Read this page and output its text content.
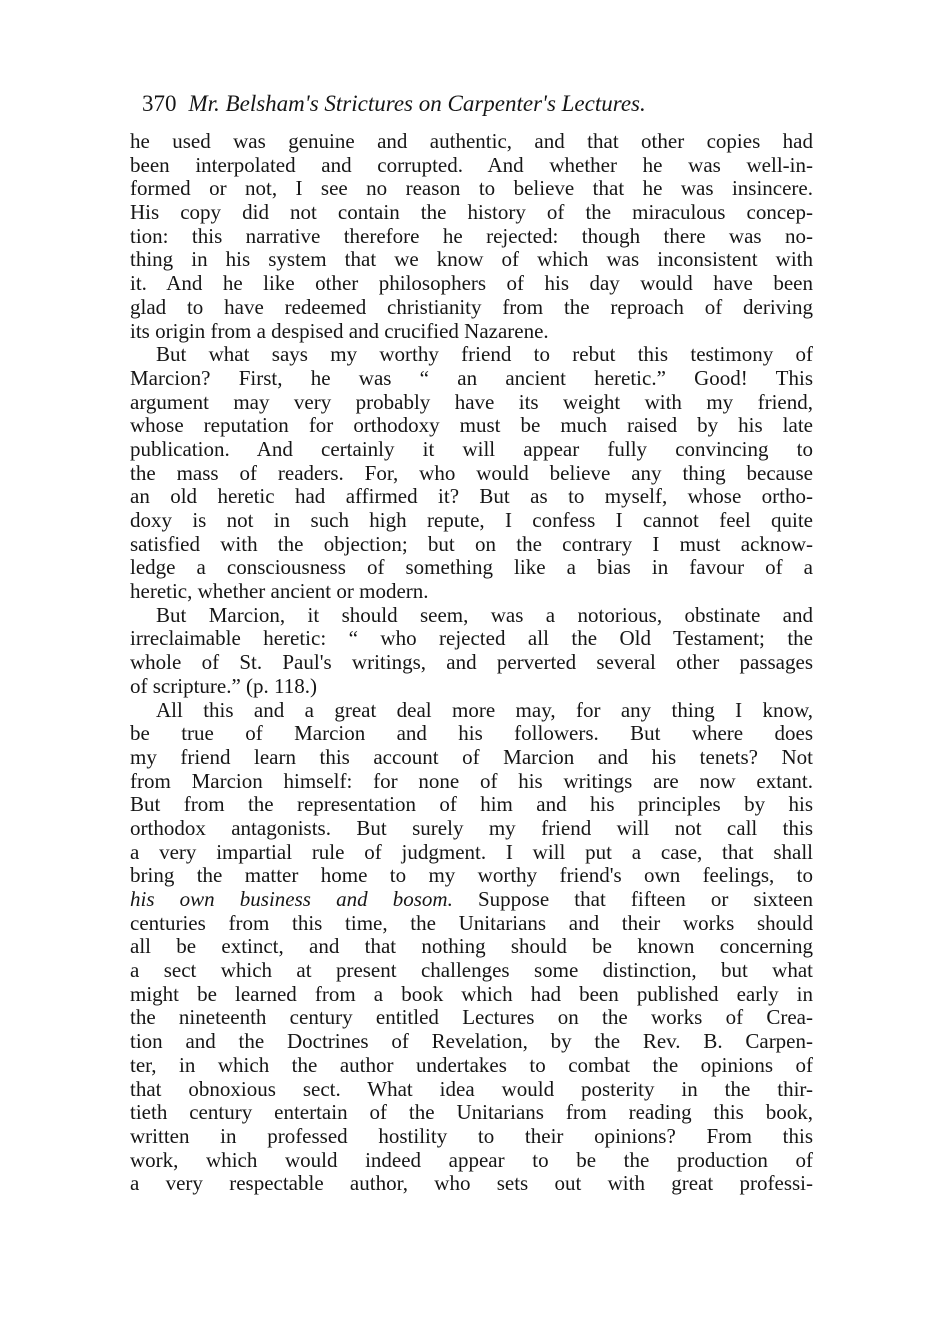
370 Mr. Belsham's Strictures on Carpenter's Lectures.
he used was genuine and authentic, and that other copies had
been interpolated and corrupted. And whether he was well-in-
formed or not, I see no reason to believe that he was insincere.
His copy did not contain the history of the miraculous concep-
tion: this narrative therefore he rejected: though there was no-
thing in his system that we know of which was inconsistent with
it. And he like other philosophers of his day would have been
glad to have redeemed christianity from the reproach of deriving
its origin from a despised and crucified Nazarene.
But what says my worthy friend to rebut this testimony of
Marcion? First, he was “ an ancient heretic.” Good! This
argument may very probably have its weight with my friend,
whose reputation for orthodoxy must be much raised by his late
publication. And certainly it will appear fully convincing to
the mass of readers. For, who would believe any thing because
an old heretic had affirmed it? But as to myself, whose ortho-
doxy is not in such high repute, I confess I cannot feel quite
satisfied with the objection; but on the contrary I must acknow-
ledge a consciousness of something like a bias in favour of a
heretic, whether ancient or modern.
But Marcion, it should seem, was a notorious, obstinate and
irreclaimable heretic: “ who rejected all the Old Testament; the
whole of St. Paul's writings, and perverted several other passages
of scripture.” (p. 118.)
All this and a great deal more may, for any thing I know,
be true of Marcion and his followers. But where does
my friend learn this account of Marcion and his tenets? Not
from Marcion himself: for none of his writings are now extant.
But from the representation of him and his principles by his
orthodox antagonists. But surely my friend will not call this
a very impartial rule of judgment. I will put a case, that shall
bring the matter home to my worthy friend's own feelings, to
his own business and bosom. Suppose that fifteen or sixteen
centuries from this time, the Unitarians and their works should
all be extinct, and that nothing should be known concerning
a sect which at present challenges some distinction, but what
might be learned from a book which had been published early in
the nineteenth century entitled Lectures on the works of Crea-
tion and the Doctrines of Revelation, by the Rev. B. Carpen-
ter, in which the author undertakes to combat the opinions of
that obnoxious sect. What idea would posterity in the thir-
tieth century entertain of the Unitarians from reading this book,
written in professed hostility to their opinions? From this
work, which would indeed appear to be the production of
a very respectable author, who sets out with great professi-
